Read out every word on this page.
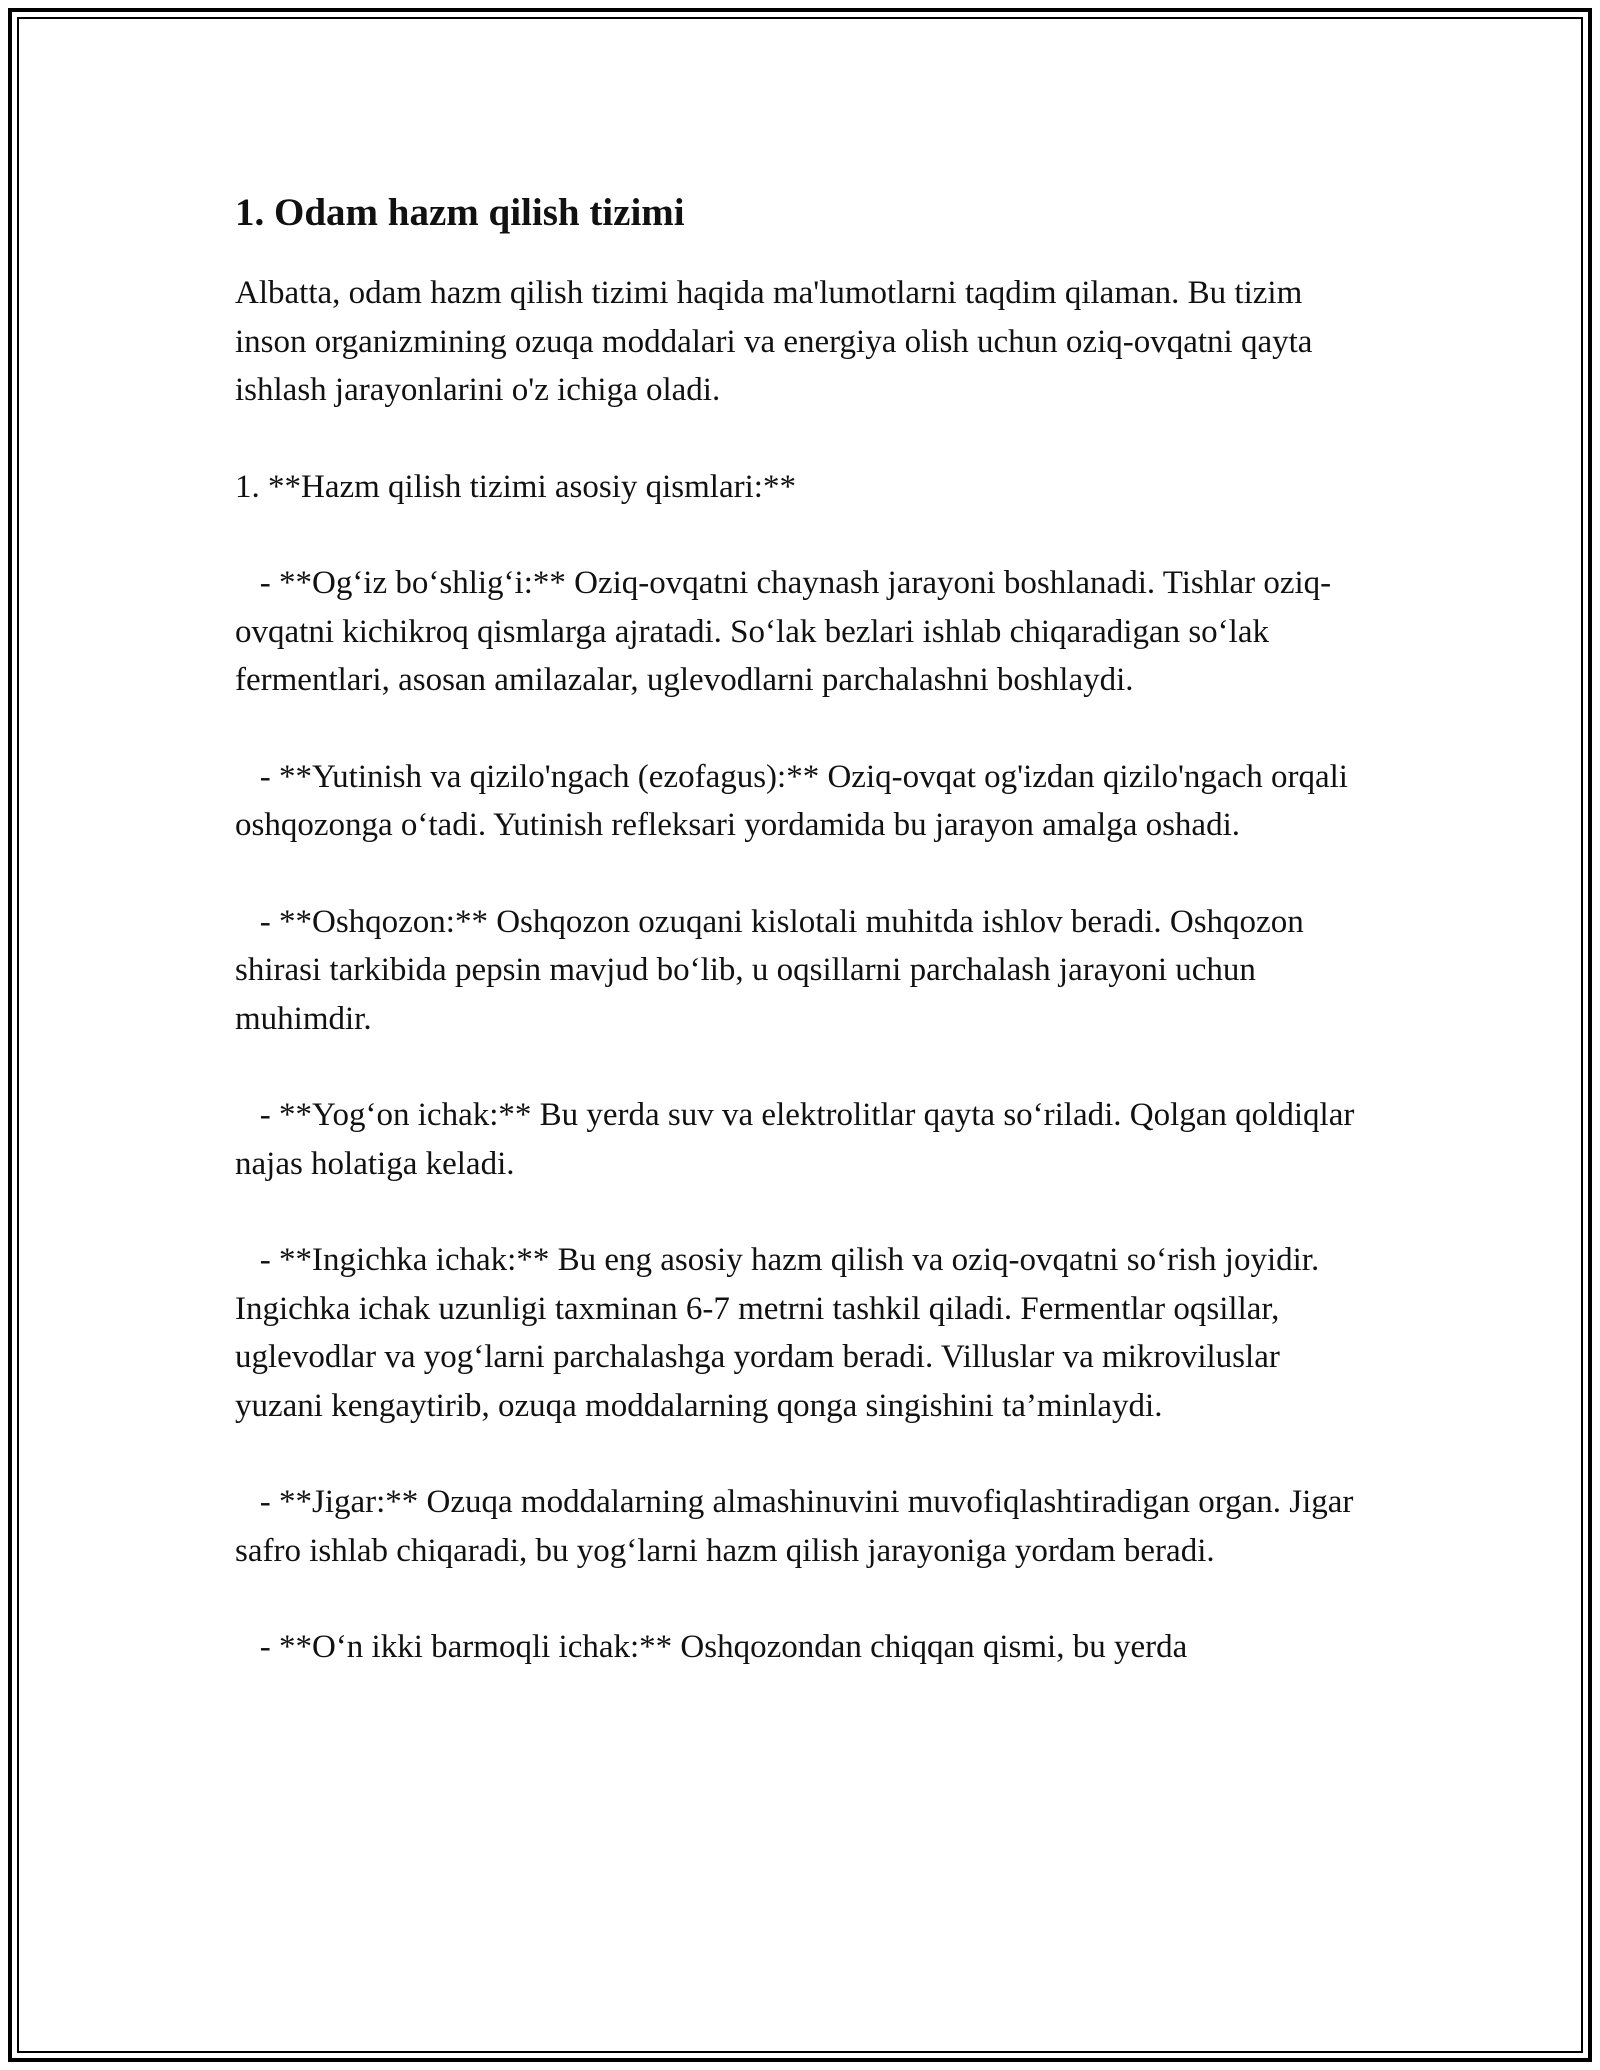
1. Odam hazm qilish tizimi

Albatta, odam hazm qilish tizimi haqida ma'lumotlarni taqdim qilaman. Bu tizim inson organizmining ozuqa moddalari va energiya olish uchun oziq-ovqatni qayta ishlash jarayonlarini o'z ichiga oladi.

1. **Hazm qilish tizimi asosiy qismlari:**

- **Og‘iz bo‘shlig‘i:** Oziq-ovqatni chaynash jarayoni boshlanadi. Tishlar oziq-ovqatni kichikroq qismlarga ajratadi. So‘lak bezlari ishlab chiqaradigan so‘lak fermentlari, asosan amilazalar, uglevodlarni parchalashni boshlaydi.

- **Yutinish va qizilo'ngach (ezofagus):** Oziq-ovqat og'izdan qizilo'ngach orqali oshqozonga o‘tadi. Yutinish refleksari yordamida bu jarayon amalga oshadi.

- **Oshqozon:** Oshqozon ozuqani kislotali muhitda ishlov beradi. Oshqozon shirasi tarkibida pepsin mavjud bo‘lib, u oqsillarni parchalash jarayoni uchun muhimdir.

- **Yog‘on ichak:** Bu yerda suv va elektrolitlar qayta so‘riladi. Qolgan qoldiqlar najas holatiga keladi.

- **Ingichka ichak:** Bu eng asosiy hazm qilish va oziq-ovqatni so‘rish joyidir. Ingichka ichak uzunligi taxminan 6-7 metrni tashkil qiladi. Fermentlar oqsillar, uglevodlar va yog‘larni parchalashga yordam beradi. Villuslar va mikroviluslar yuzani kengaytirib, ozuqa moddalarning qonga singishini ta’minlaydi.

- **Jigar:** Ozuqa moddalarning almashinuvini muvofiqlashtiradigan organ. Jigar safro ishlab chiqaradi, bu yog‘larni hazm qilish jarayoniga yordam beradi.

- **O‘n ikki barmoqli ichak:** Oshqozondan chiqqan qismi, bu yerda
